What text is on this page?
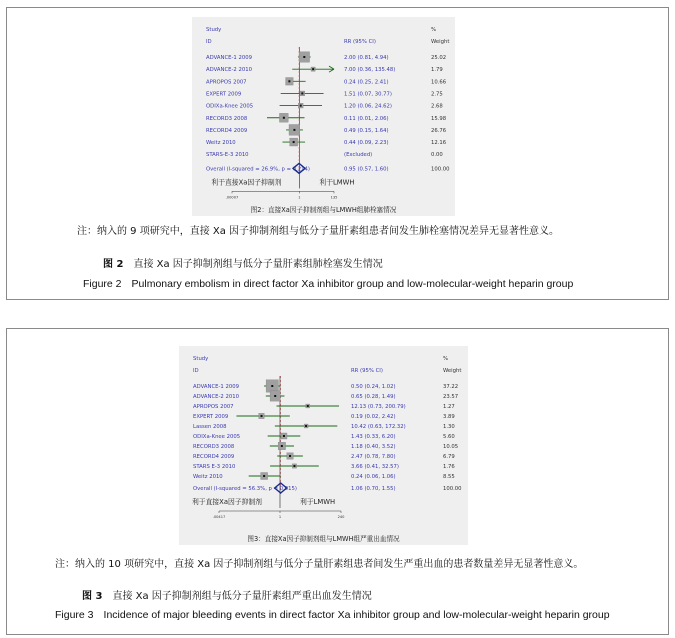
Study
ID	RR (95% CI)
%
Weight
ADVANCE-1 2009	2.00 (0.81, 4.94)	25.02
ADVANCE-2 2010	7.00 (0.36, 135.48)	1.79
APROPOS 2007	0.24 (0.25, 2.41)	10.66
EXPERT 2009	1.51 (0.07, 30.77)	2.75
ODIXa-Knee 2005	1.20 (0.06, 24.62)	2.68
RECORD3 2008	0.11 (0.01, 2.06)	15.98
RECORD4 2009	0.49 (0.15, 1.64)	26.76
Weitz 2010	0.44 (0.09, 2.23)	12.16
STARS-E-3 2010	(Excluded)	0.00
Overall (I-squared = 26.9%, p = 0.214)	0.95 (0.57, 1.60)	100.00
利于直接Xa因子抑制剂	利于LMWH
.00007	1	135
图2：直接Xa因子抑制剂组与LMWH组肺栓塞情况
注：纳入的 9 项研究中，直接 Xa 因子抑制剂组与低分子量肝素组患者间发生肺栓塞情况差异无显著性意义。
图 2 直接 Xa 因子抑制剂组与低分子量肝素组肺栓塞发生情况
Figure 2 Pulmonary embolism in direct factor Xa inhibitor group and low-molecular-weight heparin group
Study
ID	RR (95% CI)
%
Weight
ADVANCE-1 2009	0.50 (0.24, 1.02)	37.22
ADVANCE-2 2010	0.65 (0.28, 1.49)	23.57
APROPOS 2007	12.13 (0.73, 200.79)	1.27
EXPERT 2009	0.19 (0.02, 2.42)	3.89
Lassen 2008	10.42 (0.63, 172.32)	1.30
ODIXa-Knee 2005	1.43 (0.33, 6.20)	5.60
RECORD3 2008	1.18 (0.40, 3.52)	10.05
RECORD4 2009	2.47 (0.78, 7.80)	6.79
STARS E-3 2010	3.66 (0.41, 32.57)	1.76
Weitz 2010	0.24 (0.06, 1.06)	8.55
Overall (I-squared = 56.3%, p = 0.015)	1.06 (0.70, 1.55)	100.00
利于直接Xa因子抑制剂	利于LMWH
.00417	1	240
图3：直接Xa因子抑制剂组与LMWH组严重出血情况
注：纳入的 10 项研究中，直接 Xa 因子抑制剂组与低分子量肝素组患者间发生严重出血的患者数量差异无显著性意义。
图 3 直接 Xa 因子抑制剂组与低分子量肝素组严重出血发生情况
Figure 3 Incidence of major bleeding events in direct factor Xa inhibitor group and low-molecular-weight heparin group
